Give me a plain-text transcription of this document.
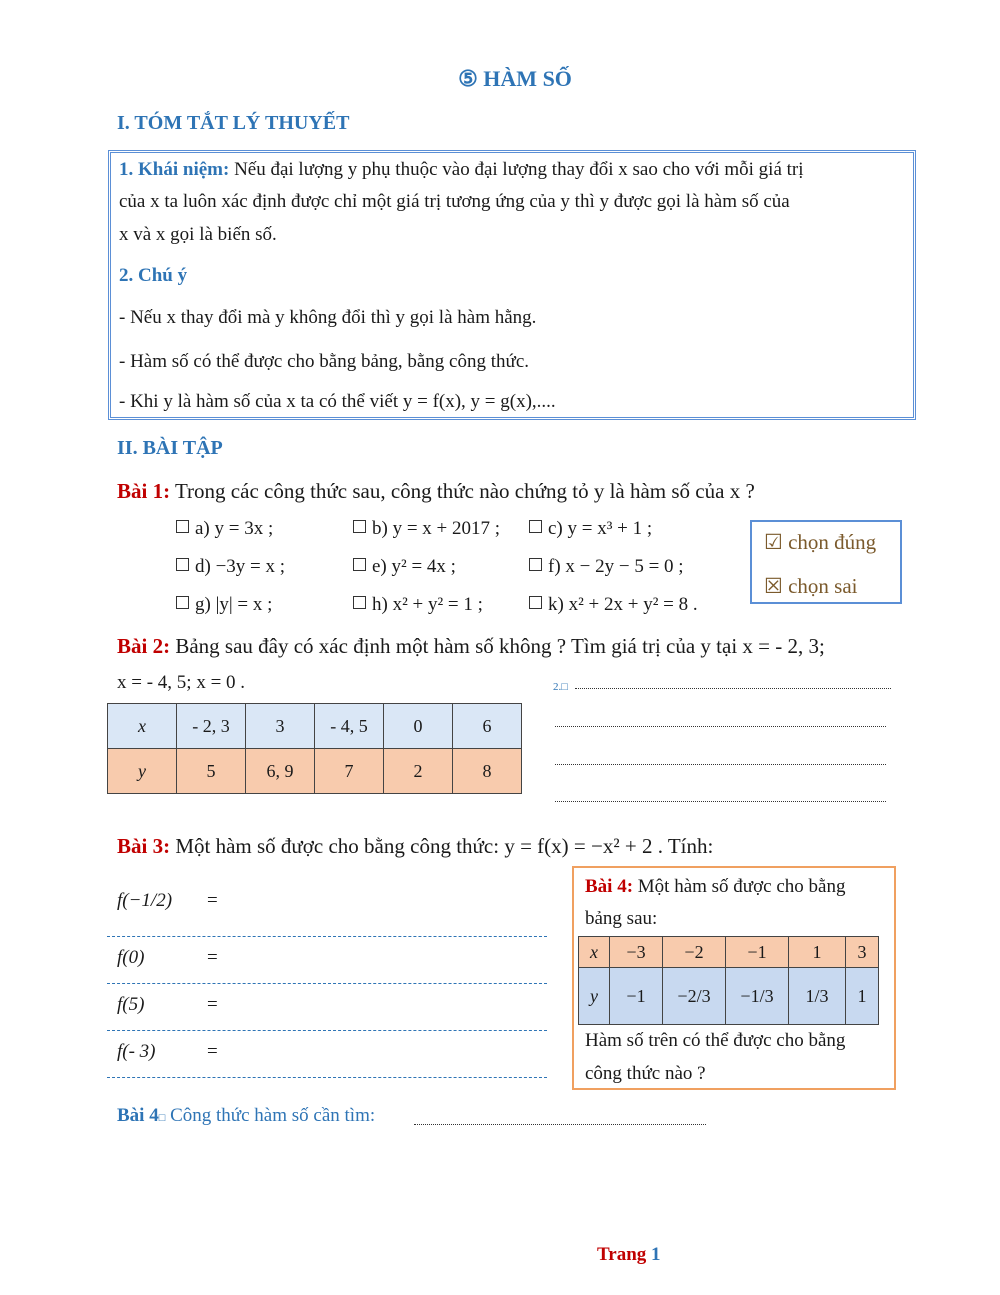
⑤ HÀM SỐ
I. TÓM TẮT LÝ THUYẾT
1. Khái niệm: Nếu đại lượng y phụ thuộc vào đại lượng thay đổi x sao cho với mỗi giá trị
của x ta luôn xác định được chỉ một giá trị tương ứng của y thì y được gọi là hàm số của
x và x gọi là biến số.
2. Chú ý
- Nếu x thay đổi mà y không đổi thì y gọi là hàm hằng.
- Hàm số có thể được cho bằng bảng, bằng công thức.
- Khi y là hàm số của x ta có thể viết y = f(x), y = g(x),....
II. BÀI TẬP
Bài 1: Trong các công thức sau, công thức nào chứng tỏ y là hàm số của x ?
a) y = 3x ;	b) y = x + 2017 ;	c) y = x³ + 1 ;
d) −3y = x ;	e) y² = 4x ;	f) x − 2y − 5 = 0 ;
g) |y| = x ;	h) x² + y² = 1 ;	k) x² + 2x + y² = 8 .
☑ chọn đúng
☒ chọn sai
Bài 2: Bảng sau đây có xác định một hàm số không ? Tìm giá trị của y tại x = - 2, 3;
x = - 4, 5; x = 0 .
x	- 2, 3	3	- 4, 5	0	6
y	5	6, 9	7	2	8
2.□
Bài 3: Một hàm số được cho bằng công thức: y = f(x) = −x² + 2 . Tính:
f(−1/2) =
f(0)	=
f(5)	=
f(- 3)	=
Bài 4: Một hàm số được cho bằng
bảng sau:
x	−3	−2	−1	1	3
y	−1	−2/3	−1/3	1/3	1
Hàm số trên có thể được cho bằng
công thức nào ?
Bài 4□ Công thức hàm số cần tìm:
Trang 1
